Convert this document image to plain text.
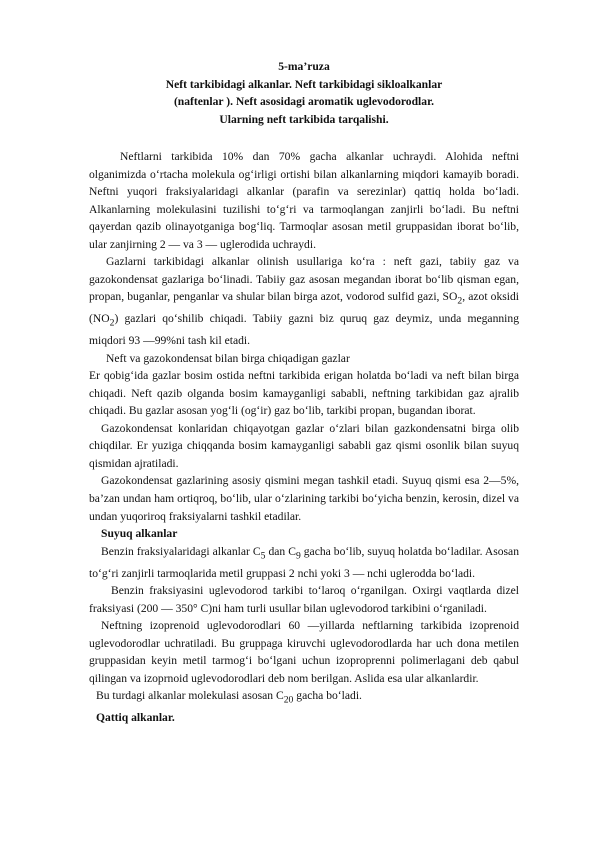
5-ma’ruza
Neft tarkibidagi alkanlar. Neft tarkibidagi sikloalkanlar
(naftenlar ). Neft asosidagi aromatik uglevodorodlar.
Ularning neft tarkibida tarqalishi.

Neftlarni tarkibida 10% dan 70% gacha alkanlar uchraydi. Alohida neftni olganimizda o‘rtacha molekula og‘irligi ortishi bilan alkanlarning miqdori kamayib boradi. Neftni yuqori fraksiyalaridagi alkanlar (parafin va serezinlar) qattiq holda bo‘ladi. Alkanlarning molekulasini tuzilishi to‘g‘ri va tarmoqlangan zanjirli bo‘ladi. Bu neftni qayerdan qazib olinayotganiga bog‘liq. Tarmoqlar asosan metil gruppasidan iborat bo‘lib, ular zanjirning 2 — va 3 — uglerodida uchraydi.

Gazlarni tarkibidagi alkanlar olinish usullariga ko‘ra : neft gazi, tabiiy gaz va gazokondensat gazlariga bo‘linadi. Tabiiy gaz asosan megandan iborat bo‘lib qisman egan, propan, buganlar, penganlar va shular bilan birga azot, vodorod sulfid gazi, $SO_2$, azot oksidi $(NO_2)$ gazlari qo‘shilib chiqadi. Tabiiy gazni biz quruq gaz deymiz, unda meganning miqdori 93 —99%ni tash kil etadi.

Neft va gazokondensat bilan birga chiqadigan gazlar

Er qobig‘ida gazlar bosim ostida neftni tarkibida erigan holatda bo‘ladi va neft bilan birga chiqadi. Neft qazib olganda bosim kamayganligi sababli, neftning tarkibidan gaz ajralib chiqadi. Bu gazlar asosan yog‘li (og‘ir) gaz bo‘lib, tarkibi propan, bugandan iborat.

Gazokondensat konlaridan chiqayotgan gazlar o‘zlari bilan gazkondensatni birga olib chiqdilar. Er yuziga chiqqanda bosim kamayganligi sababli gaz qismi osonlik bilan suyuq qismidan ajratiladi.

Gazokondensat gazlarining asosiy qismini megan tashkil etadi. Suyuq qismi esa 2—5%, ba’zan undan ham ortiqroq, bo‘lib, ular o‘zlarining tarkibi bo‘yicha benzin, kerosin, dizel va undan yuqoriroq fraksiyalarni tashkil etadilar.

Suyuq alkanlar

Benzin fraksiyalaridagi alkanlar $C_5$ dan $C_9$ gacha bo‘lib, suyuq holatda bo‘ladilar. Asosan to‘g‘ri zanjirli tarmoqlarida metil gruppasi 2 nchi yoki 3 — nchi uglerodda bo‘ladi.

Benzin fraksiyasini uglevodorod tarkibi to‘laroq o‘rganilgan. Oxirgi vaqtlarda dizel fraksiyasi (200 — 350° C)ni ham turli usullar bilan uglevodorod tarkibini o‘rganiladi.

Neftning izoprenoid uglevodorodlari 60 —yillarda neftlarning tarkibida izoprenoid uglevodorodlar uchratiladi. Bu gruppaga kiruvchi uglevodorodlarda har uch dona metilen gruppasidan keyin metil tarmog‘i bo‘lgani uchun izoproprenni polimerlagani deb qabul qilingan va izoprnoid uglevodorodlari deb nom berilgan. Aslida esa ular alkanlardir.

Bu turdagi alkanlar molekulasi asosan $C_{20}$ gacha bo‘ladi.

Qattiq alkanlar.
